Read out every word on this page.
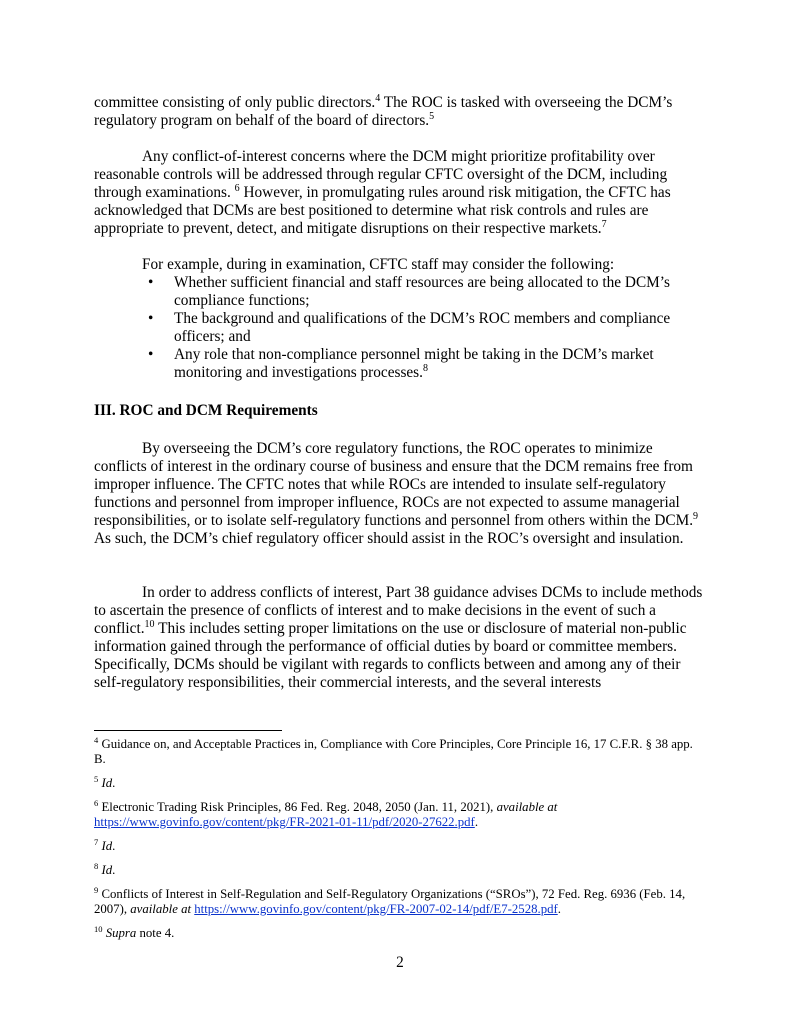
committee consisting of only public directors.$^4$ The ROC is tasked with overseeing the DCM’s regulatory program on behalf of the board of directors.$^5$

Any conflict-of-interest concerns where the DCM might prioritize profitability over reasonable controls will be addressed through regular CFTC oversight of the DCM, including through examinations. $^6$ However, in promulgating rules around risk mitigation, the CFTC has acknowledged that DCMs are best positioned to determine what risk controls and rules are appropriate to prevent, detect, and mitigate disruptions on their respective markets.$^7$

For example, during in examination, CFTC staff may consider the following:

• Whether sufficient financial and staff resources are being allocated to the DCM’s compliance functions;
• The background and qualifications of the DCM’s ROC members and compliance officers; and
• Any role that non-compliance personnel might be taking in the DCM’s market monitoring and investigations processes.$^8$

III. ROC and DCM Requirements

By overseeing the DCM’s core regulatory functions, the ROC operates to minimize conflicts of interest in the ordinary course of business and ensure that the DCM remains free from improper influence. The CFTC notes that while ROCs are intended to insulate self-regulatory functions and personnel from improper influence, ROCs are not expected to assume managerial responsibilities, or to isolate self-regulatory functions and personnel from others within the DCM.$^9$ As such, the DCM’s chief regulatory officer should assist in the ROC’s oversight and insulation.

In order to address conflicts of interest, Part 38 guidance advises DCMs to include methods to ascertain the presence of conflicts of interest and to make decisions in the event of such a conflict.$^{10}$ This includes setting proper limitations on the use or disclosure of material non-public information gained through the performance of official duties by board or committee members. Specifically, DCMs should be vigilant with regards to conflicts between and among any of their self-regulatory responsibilities, their commercial interests, and the several interests

$^4$ Guidance on, and Acceptable Practices in, Compliance with Core Principles, Core Principle 16, 17 C.F.R. § 38 app. B.

$^5$ Id.

$^6$ Electronic Trading Risk Principles, 86 Fed. Reg. 2048, 2050 (Jan. 11, 2021), available at https://www.govinfo.gov/content/pkg/FR-2021-01-11/pdf/2020-27622.pdf.

$^7$ Id.

$^8$ Id.

$^9$ Conflicts of Interest in Self-Regulation and Self-Regulatory Organizations (“SROs”), 72 Fed. Reg. 6936 (Feb. 14, 2007), available at https://www.govinfo.gov/content/pkg/FR-2007-02-14/pdf/E7-2528.pdf.

$^{10}$ Supra note 4.

2
